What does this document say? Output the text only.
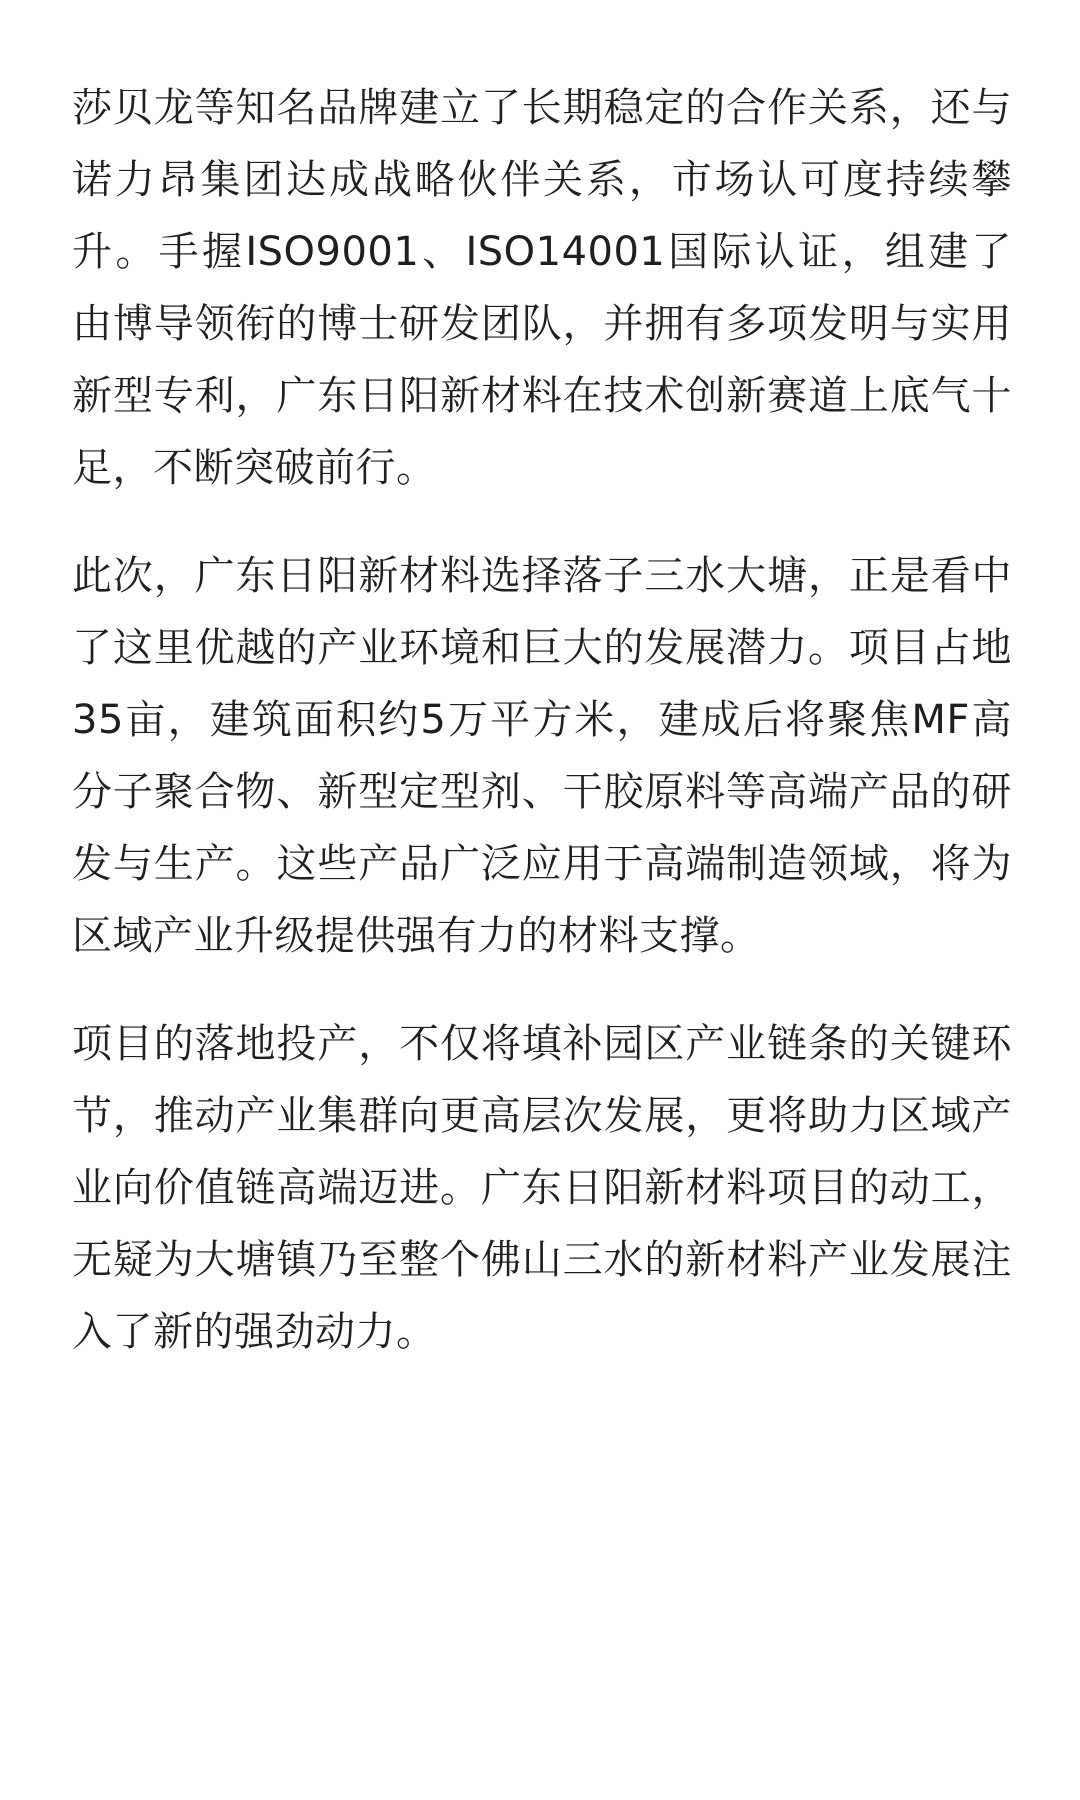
莎贝龙等知名品牌建立了长期稳定的合作关系，还与诺力昂集团达成战略伙伴关系，市场认可度持续攀升。手握ISO9001、ISO14001国际认证，组建了由博导领衔的博士研发团队，并拥有多项发明与实用新型专利，广东日阳新材料在技术创新赛道上底气十足，不断突破前行。

此次，广东日阳新材料选择落子三水大塘，正是看中了这里优越的产业环境和巨大的发展潜力。项目占地35亩，建筑面积约5万平方米，建成后将聚焦MF高分子聚合物、新型定型剂、干胶原料等高端产品的研发与生产。这些产品广泛应用于高端制造领域，将为区域产业升级提供强有力的材料支撑。

项目的落地投产，不仅将填补园区产业链条的关键环节，推动产业集群向更高层次发展，更将助力区域产业向价值链高端迈进。广东日阳新材料项目的动工，无疑为大塘镇乃至整个佛山三水的新材料产业发展注入了新的强劲动力。
